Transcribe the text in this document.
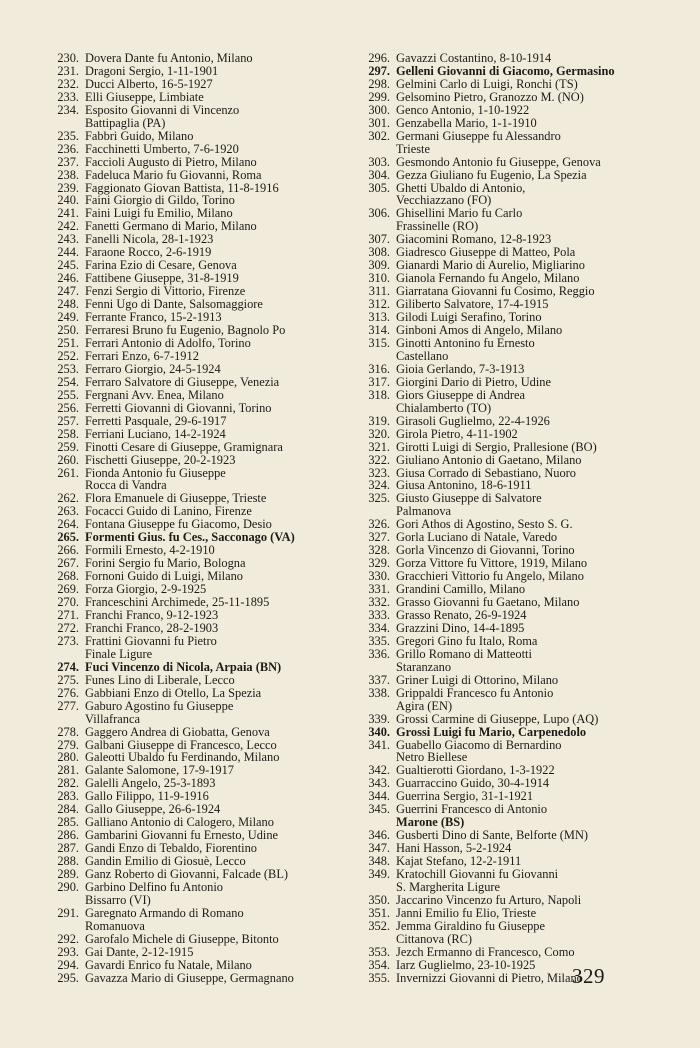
230. Dovera Dante fu Antonio, Milano
231. Dragoni Sergio, 1-11-1901
232. Ducci Alberto, 16-5-1927
233. Elli Giuseppe, Limbiate
234. Esposito Giovanni di Vincenzo
Battipaglia (PA)
235. Fabbri Guido, Milano
236. Facchinetti Umberto, 7-6-1920
237. Faccioli Augusto di Pietro, Milano
238. Fadeluca Mario fu Giovanni, Roma
239. Faggionato Giovan Battista, 11-8-1916
240. Faini Giorgio di Gildo, Torino
241. Faini Luigi fu Emilio, Milano
242. Fanetti Germano di Mario, Milano
243. Fanelli Nicola, 28-1-1923
244. Faraone Rocco, 2-6-1919
245. Farina Ezio di Cesare, Genova
246. Fattibene Giuseppe, 31-8-1919
247. Fenzi Sergio di Vittorio, Firenze
248. Fenni Ugo di Dante, Salsomaggiore
249. Ferrante Franco, 15-2-1913
250. Ferraresi Bruno fu Eugenio, Bagnolo Po
251. Ferrari Antonio di Adolfo, Torino
252. Ferrari Enzo, 6-7-1912
253. Ferraro Giorgio, 24-5-1924
254. Ferraro Salvatore di Giuseppe, Venezia
255. Fergnani Avv. Enea, Milano
256. Ferretti Giovanni di Giovanni, Torino
257. Ferretti Pasquale, 29-6-1917
258. Ferriani Luciano, 14-2-1924
259. Finotti Cesare di Giuseppe, Gramignara
260. Fischetti Giuseppe, 20-2-1923
261. Fionda Antonio fu Giuseppe
Rocca di Vandra
262. Flora Emanuele di Giuseppe, Trieste
263. Focacci Guido di Lanino, Firenze
264. Fontana Giuseppe fu Giacomo, Desio
265. Formenti Gius. fu Ces., Sacconago (VA)
266. Formili Ernesto, 4-2-1910
267. Forini Sergio fu Mario, Bologna
268. Fornoni Guido di Luigi, Milano
269. Forza Giorgio, 2-9-1925
270. Franceschini Archimede, 25-11-1895
271. Franchi Franco, 9-12-1923
272. Franchi Franco, 28-2-1903
273. Frattini Giovanni fu Pietro
Finale Ligure
274. Fuci Vincenzo di Nicola, Arpaia (BN)
275. Funes Lino di Liberale, Lecco
276. Gabbiani Enzo di Otello, La Spezia
277. Gaburo Agostino fu Giuseppe
Villafranca
278. Gaggero Andrea di Giobatta, Genova
279. Galbani Giuseppe di Francesco, Lecco
280. Galeotti Ubaldo fu Ferdinando, Milano
281. Galante Salomone, 17-9-1917
282. Galelli Angelo, 25-3-1893
283. Gallo Filippo, 11-9-1916
284. Gallo Giuseppe, 26-6-1924
285. Galliano Antonio di Calogero, Milano
286. Gambarini Giovanni fu Ernesto, Udine
287. Gandi Enzo di Tebaldo, Fiorentino
288. Gandin Emilio di Giosuè, Lecco
289. Ganz Roberto di Giovanni, Falcade (BL)
290. Garbino Delfino fu Antonio
Bissarro (VI)
291. Garegnato Armando di Romano
Romanuova
292. Garofalo Michele di Giuseppe, Bitonto
293. Gai Dante, 2-12-1915
294. Gavardi Enrico fu Natale, Milano
295. Gavazza Mario di Giuseppe, Germagnano
296. Gavazzi Costantino, 8-10-1914
297. Gelleni Giovanni di Giacomo, Germasino
298. Gelmini Carlo di Luigi, Ronchi (TS)
299. Gelsomino Pietro, Granozzo M. (NO)
300. Genco Antonio, 1-10-1922
301. Genzabella Mario, 1-1-1910
302. Germani Giuseppe fu Alessandro
Trieste
303. Gesmondo Antonio fu Giuseppe, Genova
304. Gezza Giuliano fu Eugenio, La Spezia
305. Ghetti Ubaldo di Antonio,
Vecchiazzano (FO)
306. Ghisellini Mario fu Carlo
Frassinelle (RO)
307. Giacomini Romano, 12-8-1923
308. Giadresco Giuseppe di Matteo, Pola
309. Gianardi Mario di Aurelio, Migliarino
310. Gianola Fernando fu Angelo, Milano
311. Giarratana Giovanni fu Cosimo, Reggio
312. Giliberto Salvatore, 17-4-1915
313. Gilodi Luigi Serafino, Torino
314. Ginboni Amos di Angelo, Milano
315. Ginotti Antonino fu Ernesto
Castellano
316. Gioia Gerlando, 7-3-1913
317. Giorgini Dario di Pietro, Udine
318. Giors Giuseppe di Andrea
Chialamberto (TO)
319. Girasoli Guglielmo, 22-4-1926
320. Girola Pietro, 4-11-1902
321. Girotti Luigi di Sergio, Prallesione (BO)
322. Giuliano Antonio di Gaetano, Milano
323. Giusa Corrado di Sebastiano, Nuoro
324. Giusa Antonino, 18-6-1911
325. Giusto Giuseppe di Salvatore
Palmanova
326. Gori Athos di Agostino, Sesto S. G.
327. Gorla Luciano di Natale, Varedo
328. Gorla Vincenzo di Giovanni, Torino
329. Gorza Vittore fu Vittore, 1919, Milano
330. Gracchieri Vittorio fu Angelo, Milano
331. Grandini Camillo, Milano
332. Grasso Giovanni fu Gaetano, Milano
333. Grasso Renato, 26-9-1924
334. Grazzini Dino, 14-4-1895
335. Gregori Gino fu Italo, Roma
336. Grillo Romano di Matteotti
Staranzano
337. Griner Luigi di Ottorino, Milano
338. Grippaldi Francesco fu Antonio
Agira (EN)
339. Grossi Carmine di Giuseppe, Lupo (AQ)
340. Grossi Luigi fu Mario, Carpenedolo
341. Guabello Giacomo di Bernardino
Netro Biellese
342. Gualtierotti Giordano, 1-3-1922
343. Guarraccino Guido, 30-4-1914
344. Guerrina Sergio, 31-1-1921
345. Guerrini Francesco di Antonio
Marone (BS)
346. Gusberti Dino di Sante, Belforte (MN)
347. Hani Hasson, 5-2-1924
348. Kajat Stefano, 12-2-1911
349. Kratochill Giovanni fu Giovanni
S. Margherita Ligure
350. Jaccarino Vincenzo fu Arturo, Napoli
351. Janni Emilio fu Elio, Trieste
352. Jemma Giraldino fu Giuseppe
Cittanova (RC)
353. Jezch Ermanno di Francesco, Como
354. Iarz Guglielmo, 23-10-1925
355. Invernizzi Giovanni di Pietro, Milano
329
